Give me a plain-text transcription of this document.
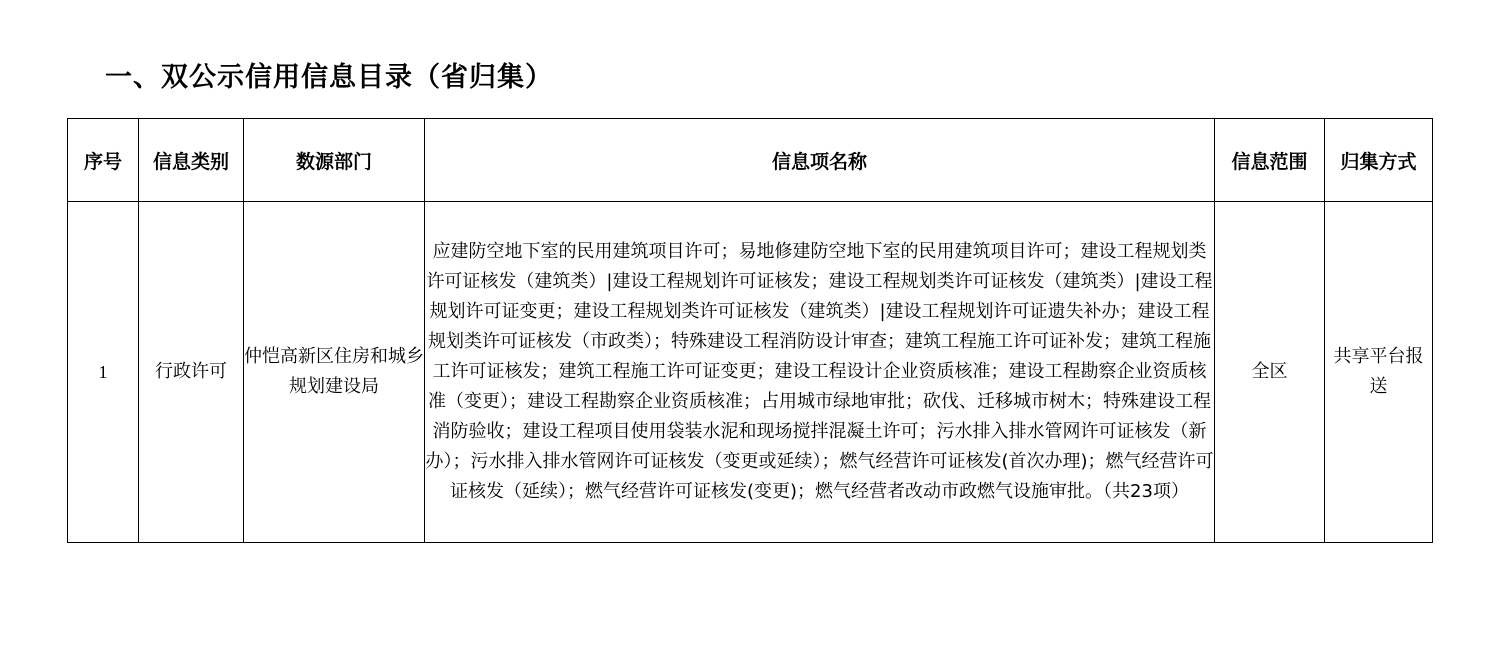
一、双公示信用信息目录（省归集）
序号	信息类别	数源部门	信息项名称	信息范围	归集方式
1	行政许可	仲恺高新区住房和城乡规划建设局	应建防空地下室的民用建筑项目许可；易地修建防空地下室的民用建筑项目许可；建设工程规划类许可证核发（建筑类）|建设工程规划许可证核发；建设工程规划类许可证核发（建筑类）|建设工程规划许可证变更；建设工程规划类许可证核发（建筑类）|建设工程规划许可证遗失补办；建设工程规划类许可证核发（市政类）；特殊建设工程消防设计审查；建筑工程施工许可证补发；建筑工程施工许可证核发；建筑工程施工许可证变更；建设工程设计企业资质核准；建设工程勘察企业资质核准（变更）；建设工程勘察企业资质核准；占用城市绿地审批；砍伐、迁移城市树木；特殊建设工程消防验收；建设工程项目使用袋装水泥和现场搅拌混凝土许可；污水排入排水管网许可证核发（新办）；污水排入排水管网许可证核发（变更或延续）；燃气经营许可证核发(首次办理)；燃气经营许可证核发（延续）；燃气经营许可证核发(变更)；燃气经营者改动市政燃气设施审批。（共23项）	全区	共享平台报送
